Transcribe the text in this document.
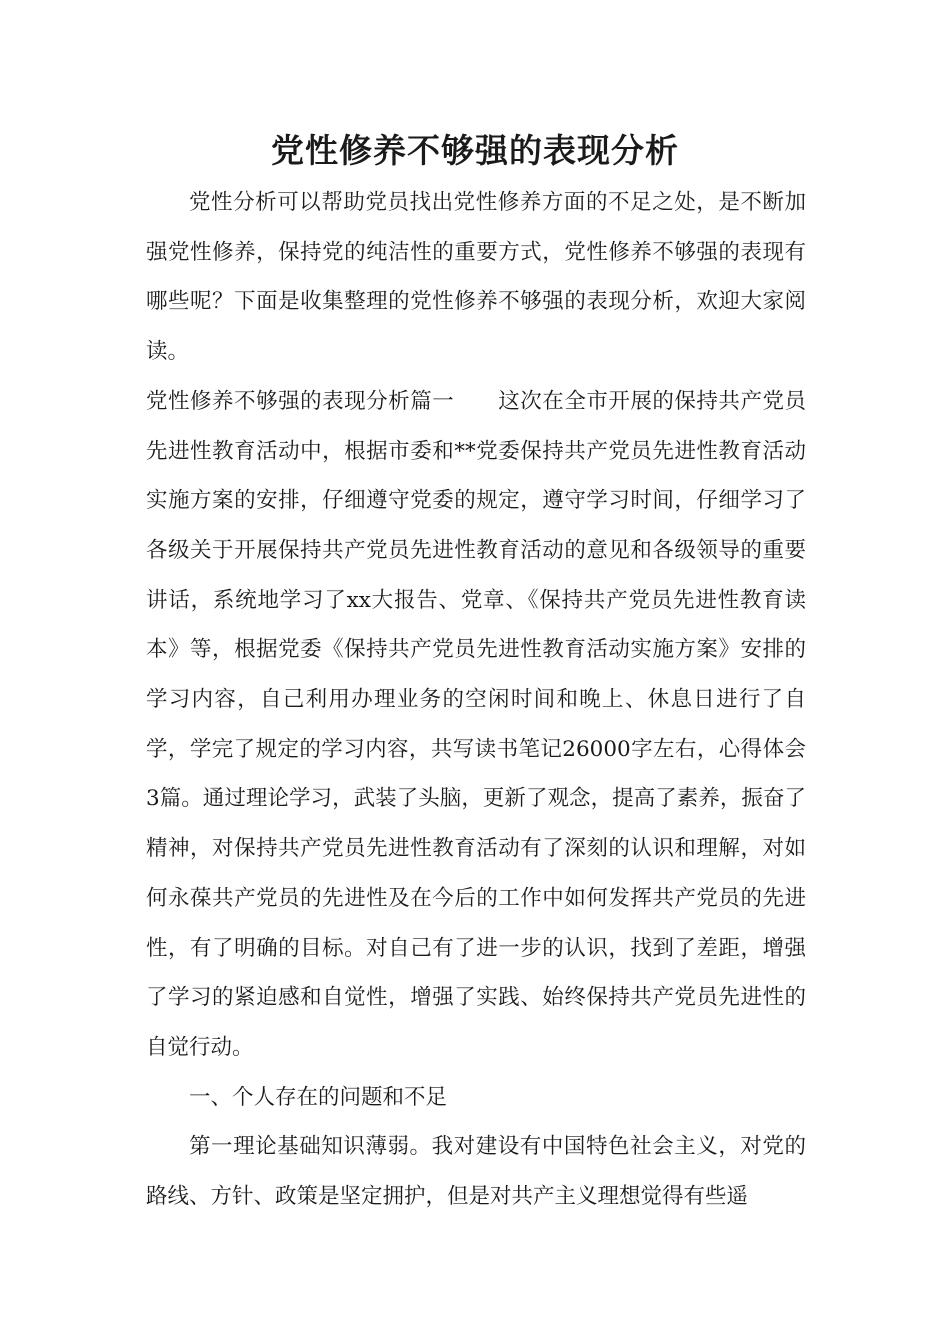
党性修养不够强的表现分析

党性分析可以帮助党员找出党性修养方面的不足之处，是不断加强党性修养，保持党的纯洁性的重要方式，党性修养不够强的表现有哪些呢？下面是收集整理的党性修养不够强的表现分析，欢迎大家阅读。

党性修养不够强的表现分析篇一　　这次在全市开展的保持共产党员先进性教育活动中，根据市委和**党委保持共产党员先进性教育活动实施方案的安排，仔细遵守党委的规定，遵守学习时间，仔细学习了各级关于开展保持共产党员先进性教育活动的意见和各级领导的重要讲话，系统地学习了xx大报告、党章、《保持共产党员先进性教育读本》等，根据党委《保持共产党员先进性教育活动实施方案》安排的学习内容，自己利用办理业务的空闲时间和晚上、休息日进行了自学，学完了规定的学习内容，共写读书笔记26000字左右，心得体会3篇。通过理论学习，武装了头脑，更新了观念，提高了素养，振奋了精神，对保持共产党员先进性教育活动有了深刻的认识和理解，对如何永葆共产党员的先进性及在今后的工作中如何发挥共产党员的先进性，有了明确的目标。对自己有了进一步的认识，找到了差距，增强了学习的紧迫感和自觉性，增强了实践、始终保持共产党员先进性的自觉行动。

一、个人存在的问题和不足

第一理论基础知识薄弱。我对建设有中国特色社会主义，对党的路线、方针、政策是坚定拥护，但是对共产主义理想觉得有些遥
